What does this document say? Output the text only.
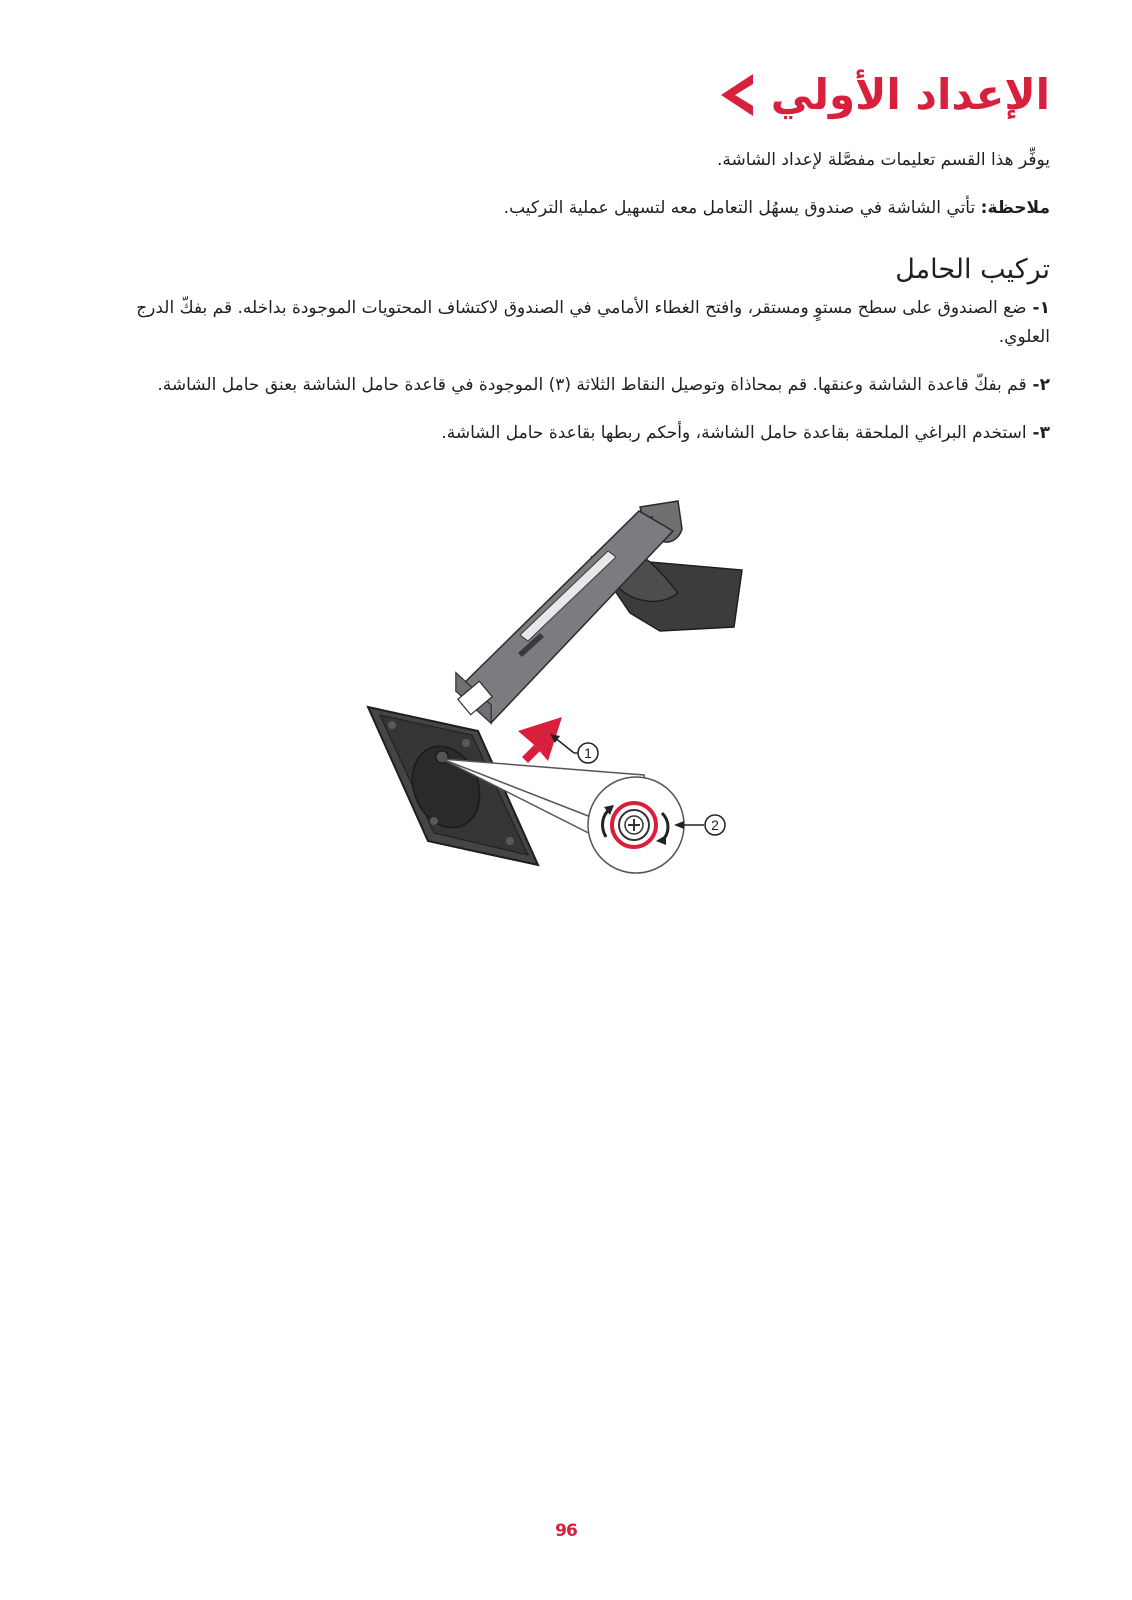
الإعداد الأولي
يوفِّر هذا القسم تعليمات مفصَّلة لإعداد الشاشة.
ملاحظة: تأتي الشاشة في صندوق يسهُل التعامل معه لتسهيل عملية التركيب.
تركيب الحامل
١- ضع الصندوق على سطح مستوٍ ومستقر، وافتح الغطاء الأمامي في الصندوق لاكتشاف المحتويات الموجودة بداخله. قم بفكّ الدرج العلوي.
٢- قم بفكّ قاعدة الشاشة وعنقها. قم بمحاذاة وتوصيل النقاط الثلاثة (٣) الموجودة في قاعدة حامل الشاشة بعنق حامل الشاشة.
٣- استخدم البراغي الملحقة بقاعدة حامل الشاشة، وأحكم ربطها بقاعدة حامل الشاشة.
1
2
96
